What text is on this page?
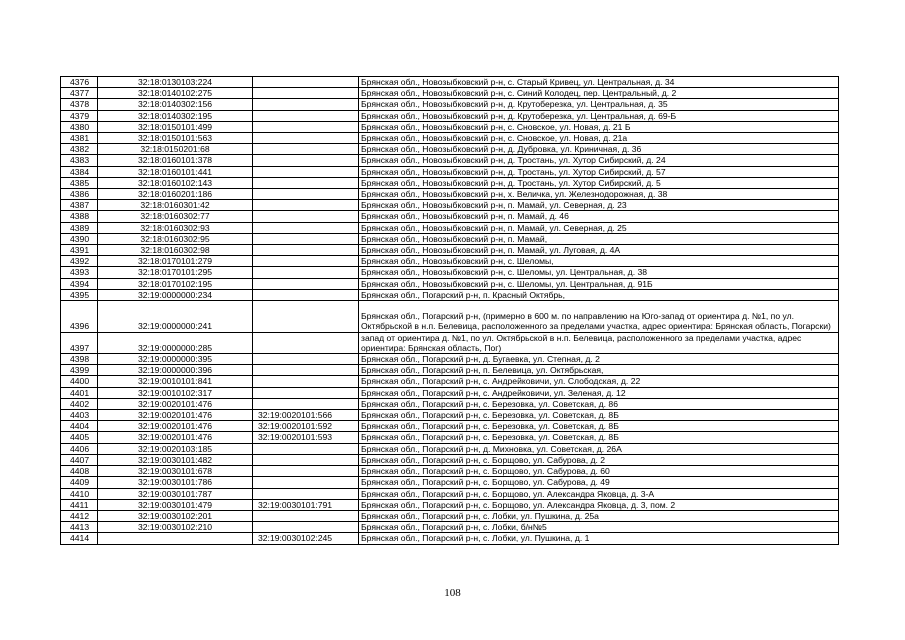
4376	32:18:0130103:224		Брянская обл., Новозыбковский р-н, с. Старый Кривец, ул. Центральная, д. 34
4377	32:18:0140102:275		Брянская обл., Новозыбковский р-н, с. Синий Колодец, пер. Центральный, д. 2
4378	32:18:0140302:156		Брянская обл., Новозыбковский р-н, д. Крутоберезка, ул. Центральная, д. 35
4379	32:18:0140302:195		Брянская обл., Новозыбковский р-н, д. Крутоберезка, ул. Центральная, д. 69-Б
4380	32:18:0150101:499		Брянская обл., Новозыбковский р-н, с. Сновское, ул. Новая, д. 21 Б
4381	32:18:0150101:563		Брянская обл., Новозыбковский р-н, с. Сновское, ул. Новая, д. 21а
4382	32:18:0150201:68		Брянская обл., Новозыбковский р-н, д. Дубровка, ул. Криничная, д. 36
4383	32:18:0160101:378		Брянская обл., Новозыбковский р-н, д. Тростань, ул. Хутор Сибирский, д. 24
4384	32:18:0160101:441		Брянская обл., Новозыбковский р-н, д. Тростань, ул. Хутор Сибирский, д. 57
4385	32:18:0160102:143		Брянская обл., Новозыбковский р-н, д. Тростань, ул. Хутор Сибирский, д. 5
4386	32:18:0160201:186		Брянская обл., Новозыбковский р-н, х. Величка, ул. Железнодорожная, д. 38
4387	32:18:0160301:42		Брянская обл., Новозыбковский р-н, п. Мамай, ул. Северная, д. 23
4388	32:18:0160302:77		Брянская обл., Новозыбковский р-н, п. Мамай, д. 46
4389	32:18:0160302:93		Брянская обл., Новозыбковский р-н, п. Мамай, ул. Северная, д. 25
4390	32:18:0160302:95		Брянская обл., Новозыбковский р-н, п. Мамай,
4391	32:18:0160302:98		Брянская обл., Новозыбковский р-н, п. Мамай, ул. Луговая, д. 4А
4392	32:18:0170101:279		Брянская обл., Новозыбковский р-н, с. Шеломы,
4393	32:18:0170101:295		Брянская обл., Новозыбковский р-н, с. Шеломы, ул. Центральная, д. 38
4394	32:18:0170102:195		Брянская обл., Новозыбковский р-н, с. Шеломы, ул. Центральная, д. 91Б
4395	32:19:0000000:234		Брянская обл., Погарский р-н, п. Красный Октябрь,
4396	32:19:0000000:241		Брянская обл., Погарский р-н, (примерно в 600 м. по направлению на Юго-запад от ориентира д. №1, по ул. Октябрьской в н.п. Белевица, расположенного за пределами участка, адрес ориентира: Брянская область, Погарски)
4397	32:19:0000000:285		запад от ориентира д. №1, по ул. Октябрьской в н.п. Белевица, расположенного за пределами участка, адрес ориентира: Брянская область, Пог)
4398	32:19:0000000:395		Брянская обл., Погарский р-н, д. Бугаевка, ул. Степная, д. 2
4399	32:19:0000000:396		Брянская обл., Погарский р-н, п. Белевица, ул. Октябрьская,
4400	32:19:0010101:841		Брянская обл., Погарский р-н, с. Андрейковичи, ул. Слободская, д. 22
4401	32:19:0010102:317		Брянская обл., Погарский р-н, с. Андрейковичи, ул. Зеленая, д. 12
4402	32:19:0020101:476		Брянская обл., Погарский р-н, с. Березовка, ул. Советская, д. 86
4403	32:19:0020101:476	32:19:0020101:566	Брянская обл., Погарский р-н, с. Березовка, ул. Советская, д. 8Б
4404	32:19:0020101:476	32:19:0020101:592	Брянская обл., Погарский р-н, с. Березовка, ул. Советская, д. 8Б
4405	32:19:0020101:476	32:19:0020101:593	Брянская обл., Погарский р-н, с. Березовка, ул. Советская, д. 8Б
4406	32:19:0020103:185		Брянская обл., Погарский р-н, д. Михновка, ул. Советская, д. 26А
4407	32:19:0030101:482		Брянская обл., Погарский р-н, с. Борщово, ул. Сабурова, д. 2
4408	32:19:0030101:678		Брянская обл., Погарский р-н, с. Борщово, ул. Сабурова, д. 60
4409	32:19:0030101:786		Брянская обл., Погарский р-н, с. Борщово, ул. Сабурова, д. 49
4410	32:19:0030101:787		Брянская обл., Погарский р-н, с. Борщово, ул. Александра Яковца, д. 3-А
4411	32:19:0030101:479	32:19:0030101:791	Брянская обл., Погарский р-н, с. Борщово, ул. Александра Яковца, д. 3, пом. 2
4412	32:19:0030102:201		Брянская обл., Погарский р-н, с. Лобки, ул. Пушкина, д. 25а
4413	32:19:0030102:210		Брянская обл., Погарский р-н, с. Лобки, б/н№5
4414		32:19:0030102:245	Брянская обл., Погарский р-н, с. Лобки, ул. Пушкина, д. 1
108
